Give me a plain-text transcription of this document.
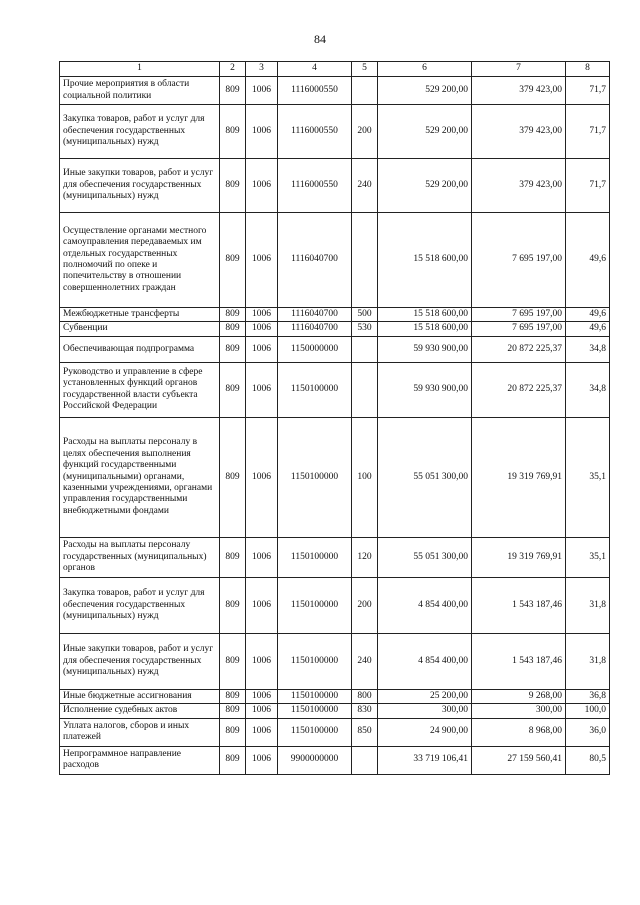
84
1	2	3	4	5	6	7	8
Прочие мероприятия в области социальной политики	809	1006	1116000550		529 200,00	379 423,00	71,7
Закупка товаров, работ и услуг для обеспечения государственных (муниципальных) нужд	809	1006	1116000550	200	529 200,00	379 423,00	71,7
Иные закупки товаров, работ и услуг для обеспечения государственных (муниципальных) нужд	809	1006	1116000550	240	529 200,00	379 423,00	71,7
Осуществление органами местного самоуправления передаваемых им отдельных государственных полномочий по опеке и попечительству в отношении совершеннолетних граждан	809	1006	1116040700		15 518 600,00	7 695 197,00	49,6
Межбюджетные трансферты	809	1006	1116040700	500	15 518 600,00	7 695 197,00	49,6
Субвенции	809	1006	1116040700	530	15 518 600,00	7 695 197,00	49,6
Обеспечивающая подпрограмма	809	1006	1150000000		59 930 900,00	20 872 225,37	34,8
Руководство и управление в сфере установленных функций органов государственной власти субъекта Российской Федерации	809	1006	1150100000		59 930 900,00	20 872 225,37	34,8
Расходы на выплаты персоналу в целях обеспечения выполнения функций государственными (муниципальными) органами, казенными учреждениями, органами управления государственными внебюджетными фондами	809	1006	1150100000	100	55 051 300,00	19 319 769,91	35,1
Расходы на выплаты персоналу государственных (муниципальных) органов	809	1006	1150100000	120	55 051 300,00	19 319 769,91	35,1
Закупка товаров, работ и услуг для обеспечения государственных (муниципальных) нужд	809	1006	1150100000	200	4 854 400,00	1 543 187,46	31,8
Иные закупки товаров, работ и услуг для обеспечения государственных (муниципальных) нужд	809	1006	1150100000	240	4 854 400,00	1 543 187,46	31,8
Иные бюджетные ассигнования	809	1006	1150100000	800	25 200,00	9 268,00	36,8
Исполнение судебных актов	809	1006	1150100000	830	300,00	300,00	100,0
Уплата налогов, сборов и иных платежей	809	1006	1150100000	850	24 900,00	8 968,00	36,0
Непрограммное направление расходов	809	1006	9900000000		33 719 106,41	27 159 560,41	80,5
